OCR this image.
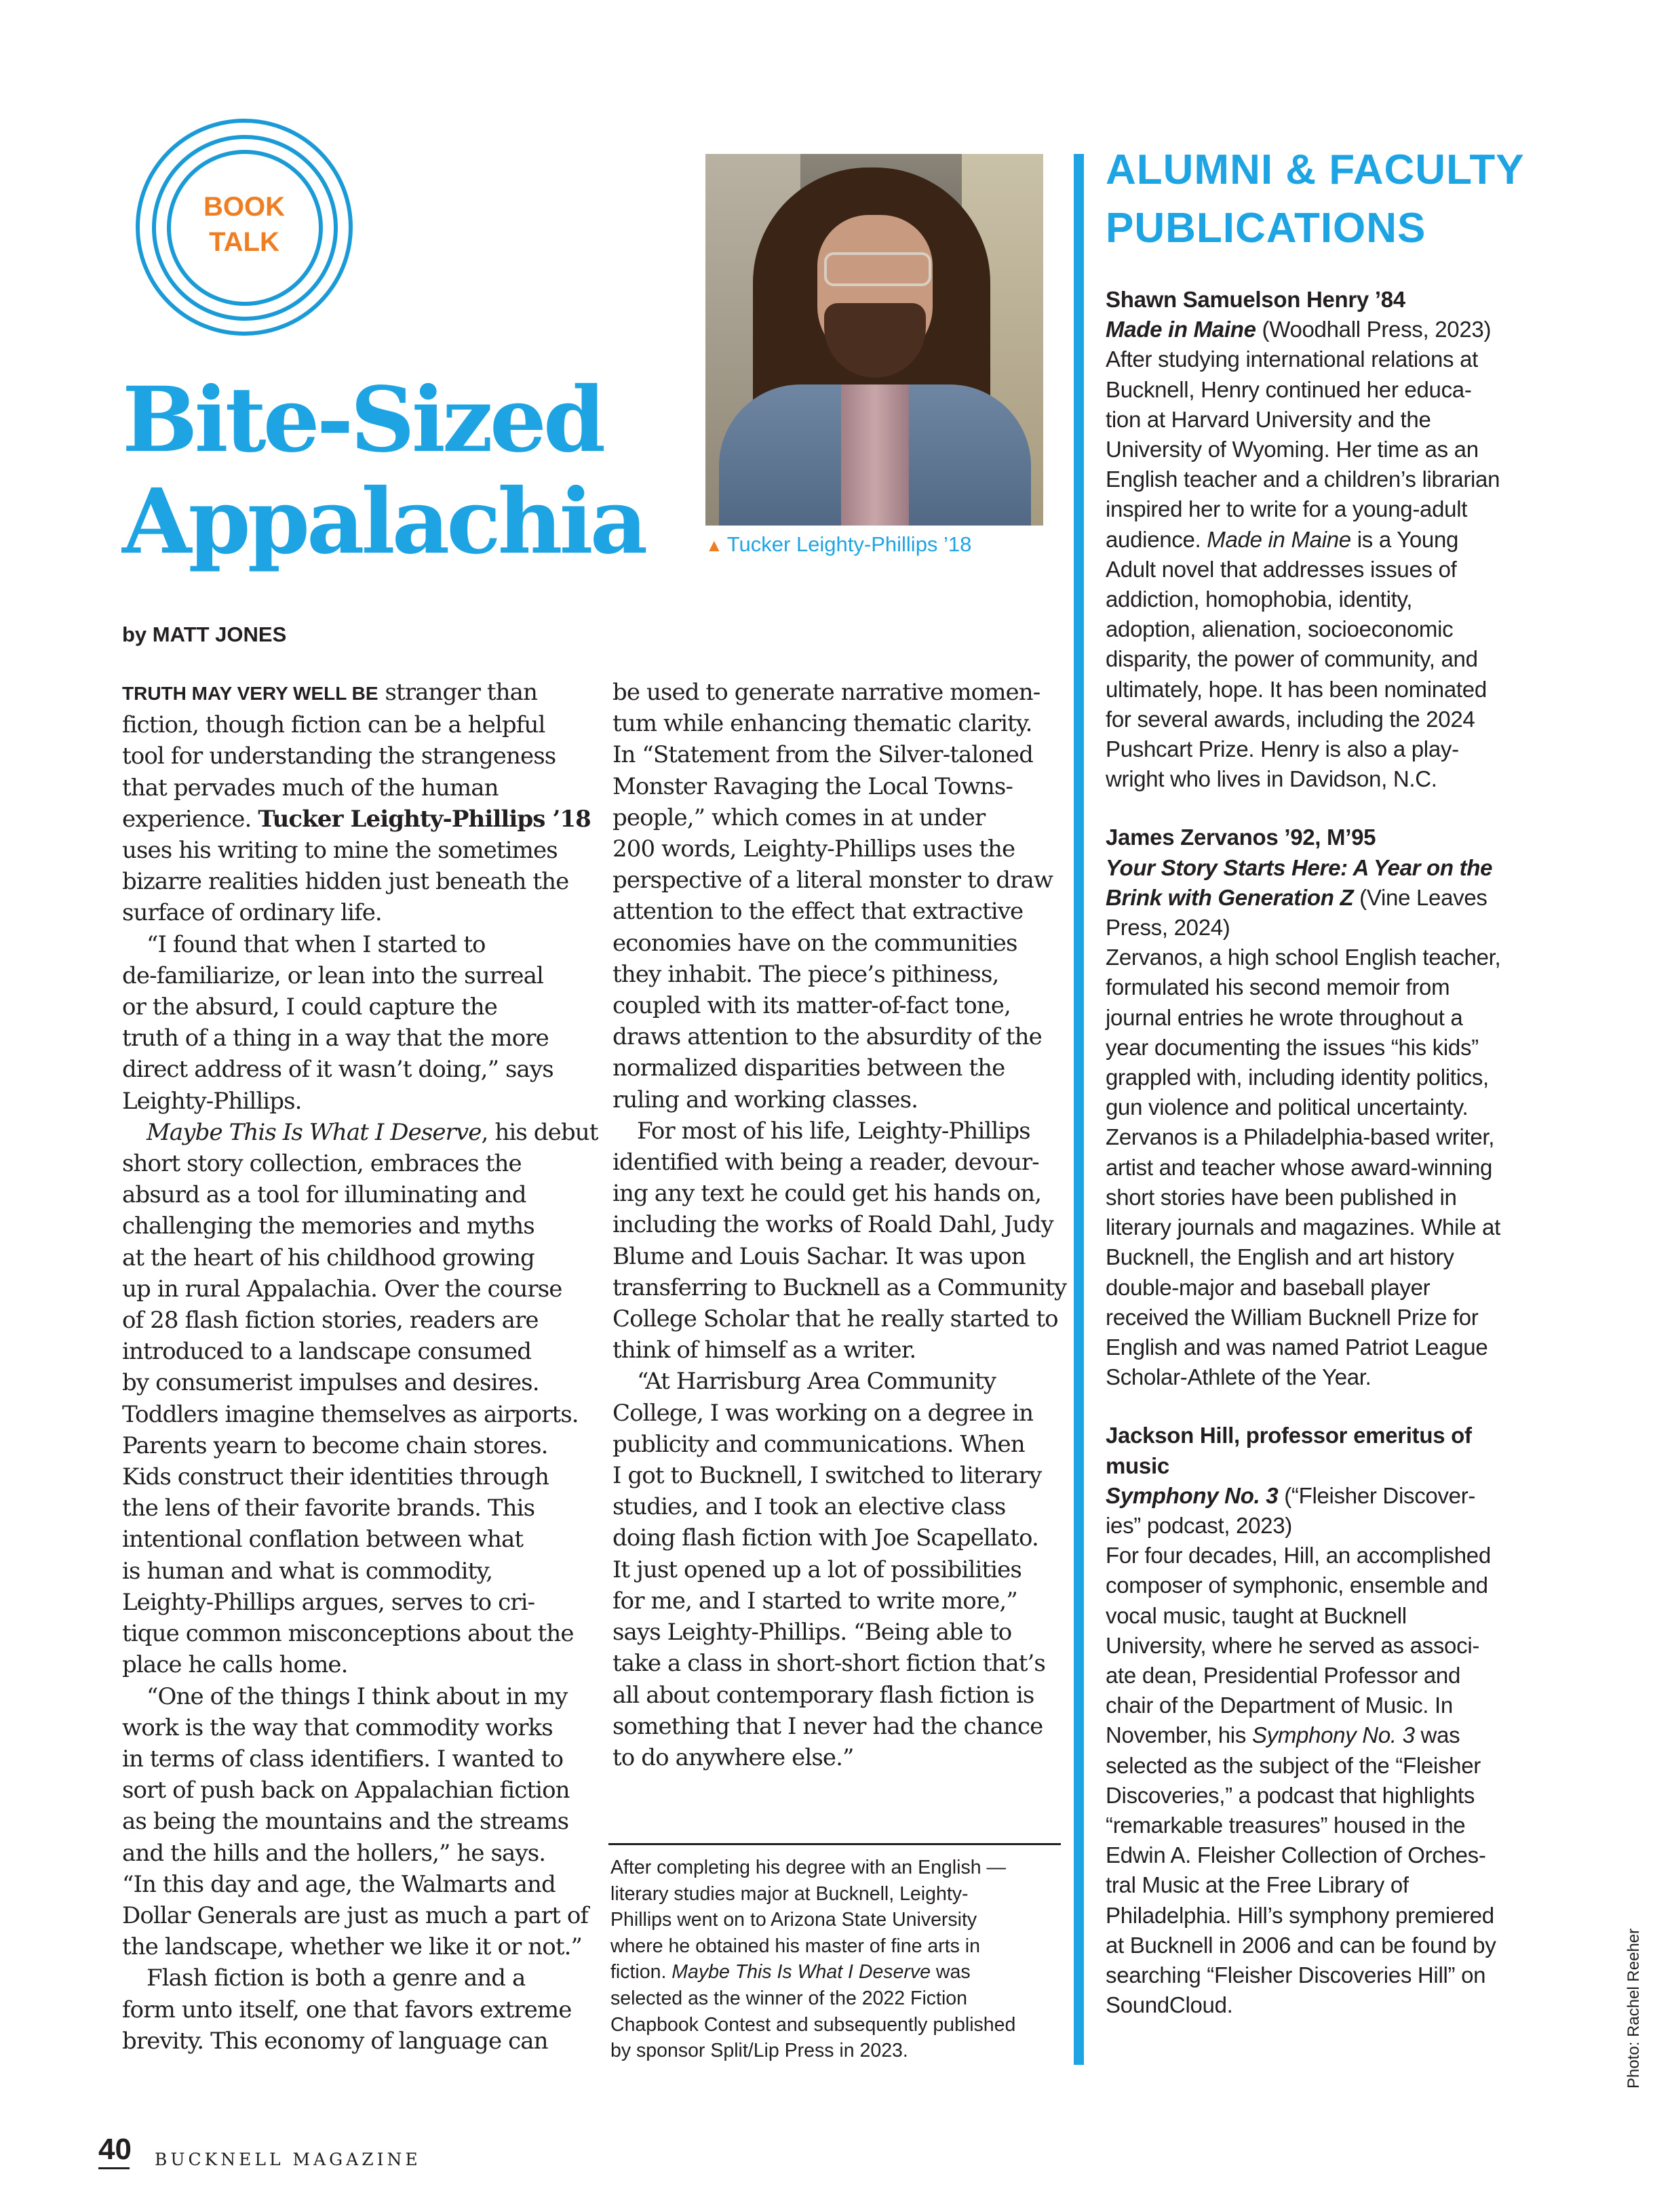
BOOK
TALK
Bite-Sized
Appalachia	▲ Tucker Leighty-Phillips ’18
by MATT JONES
TRUTH MAY VERY WELL BE stranger than
fiction, though fiction can be a helpful
tool for understanding the strangeness
that pervades much of the human
experience. Tucker Leighty-Phillips ’18
uses his writing to mine the sometimes
bizarre realities hidden just beneath the
surface of ordinary life.
“I found that when I started to
de-familiarize, or lean into the surreal
or the absurd, I could capture the
truth of a thing in a way that the more
direct address of it wasn’t doing,” says
Leighty-Phillips.
Maybe This Is What I Deserve, his debut
short story collection, embraces the
absurd as a tool for illuminating and
challenging the memories and myths
at the heart of his childhood growing
up in rural Appalachia. Over the course
of 28 flash fiction stories, readers are
introduced to a landscape consumed
by consumerist impulses and desires.
Toddlers imagine themselves as airports.
Parents yearn to become chain stores.
Kids construct their identities through
the lens of their favorite brands. This
intentional conflation between what
is human and what is commodity,
Leighty-Phillips argues, serves to cri-
tique common misconceptions about the
place he calls home.
“One of the things I think about in my
work is the way that commodity works
in terms of class identifiers. I wanted to
sort of push back on Appalachian fiction
as being the mountains and the streams
and the hills and the hollers,” he says.
“In this day and age, the Walmarts and
Dollar Generals are just as much a part of
the landscape, whether we like it or not.”
Flash fiction is both a genre and a
form unto itself, one that favors extreme
brevity. This economy of language can
be used to generate narrative momen-
tum while enhancing thematic clarity.
In “Statement from the Silver-taloned
Monster Ravaging the Local Towns-
people,” which comes in at under
200 words, Leighty-Phillips uses the
perspective of a literal monster to draw
attention to the effect that extractive
economies have on the communities
they inhabit. The piece’s pithiness,
coupled with its matter-of-fact tone,
draws attention to the absurdity of the
normalized disparities between the
ruling and working classes.
For most of his life, Leighty-Phillips
identified with being a reader, devour-
ing any text he could get his hands on,
including the works of Roald Dahl, Judy
Blume and Louis Sachar. It was upon
transferring to Bucknell as a Community
College Scholar that he really started to
think of himself as a writer.
“At Harrisburg Area Community
College, I was working on a degree in
publicity and communications. When
I got to Bucknell, I switched to literary
studies, and I took an elective class
doing flash fiction with Joe Scapellato.
It just opened up a lot of possibilities
for me, and I started to write more,”
says Leighty-Phillips. “Being able to
take a class in short-short fiction that’s
all about contemporary flash fiction is
something that I never had the chance
to do anywhere else.”
After completing his degree with an English —
literary studies major at Bucknell, Leighty-
Phillips went on to Arizona State University
where he obtained his master of fine arts in
fiction. Maybe This Is What I Deserve was
selected as the winner of the 2022 Fiction
Chapbook Contest and subsequently published
by sponsor Split/Lip Press in 2023.
ALUMNI & FACULTY
PUBLICATIONS
Shawn Samuelson Henry ’84
Made in Maine (Woodhall Press, 2023)
After studying international relations at
Bucknell, Henry continued her educa-
tion at Harvard University and the
University of Wyoming. Her time as an
English teacher and a children’s librarian
inspired her to write for a young-adult
audience. Made in Maine is a Young
Adult novel that addresses issues of
addiction, homophobia, identity,
adoption, alienation, socioeconomic
disparity, the power of community, and
ultimately, hope. It has been nominated
for several awards, including the 2024
Pushcart Prize. Henry is also a play-
wright who lives in Davidson, N.C.
James Zervanos ’92, M’95
Your Story Starts Here: A Year on the
Brink with Generation Z (Vine Leaves
Press, 2024)
Zervanos, a high school English teacher,
formulated his second memoir from
journal entries he wrote throughout a
year documenting the issues “his kids”
grappled with, including identity politics,
gun violence and political uncertainty.
Zervanos is a Philadelphia-based writer,
artist and teacher whose award-winning
short stories have been published in
literary journals and magazines. While at
Bucknell, the English and art history
double-major and baseball player
received the William Bucknell Prize for
English and was named Patriot League
Scholar-Athlete of the Year.
Jackson Hill, professor emeritus of
music
Symphony No. 3 (“Fleisher Discover-
ies” podcast, 2023)
For four decades, Hill, an accomplished
composer of symphonic, ensemble and
vocal music, taught at Bucknell
University, where he served as associ-
ate dean, Presidential Professor and
chair of the Department of Music. In
November, his Symphony No. 3 was
selected as the subject of the “Fleisher
Discoveries,” a podcast that highlights
“remarkable treasures” housed in the
Edwin A. Fleisher Collection of Orches-
tral Music at the Free Library of
Philadelphia. Hill’s symphony premiered
at Bucknell in 2006 and can be found by
searching “Fleisher Discoveries Hill” on
SoundCloud.	Photo: Rachel Reeher
40 BUCKNELL MAGAZINE
